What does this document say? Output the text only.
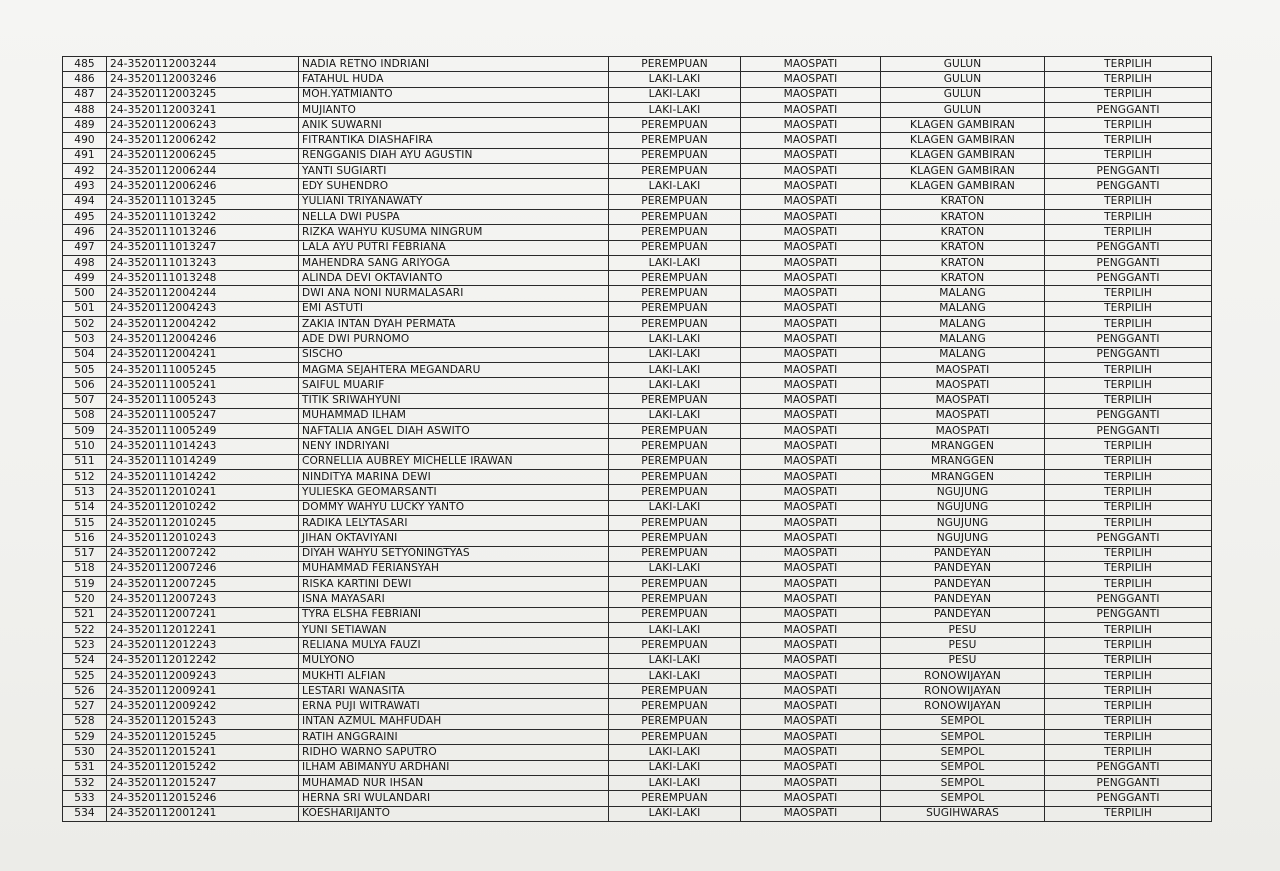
485	24-3520112003244	NADIA RETNO INDRIANI	PEREMPUAN	MAOSPATI	GULUN	TERPILIH
486	24-3520112003246	FATAHUL HUDA	LAKI-LAKI	MAOSPATI	GULUN	TERPILIH
487	24-3520112003245	MOH.YATMIANTO	LAKI-LAKI	MAOSPATI	GULUN	TERPILIH
488	24-3520112003241	MUJIANTO	LAKI-LAKI	MAOSPATI	GULUN	PENGGANTI
489	24-3520112006243	ANIK SUWARNI	PEREMPUAN	MAOSPATI	KLAGEN GAMBIRAN	TERPILIH
490	24-3520112006242	FITRANTIKA DIASHAFIRA	PEREMPUAN	MAOSPATI	KLAGEN GAMBIRAN	TERPILIH
491	24-3520112006245	RENGGANIS DIAH AYU AGUSTIN	PEREMPUAN	MAOSPATI	KLAGEN GAMBIRAN	TERPILIH
492	24-3520112006244	YANTI SUGIARTI	PEREMPUAN	MAOSPATI	KLAGEN GAMBIRAN	PENGGANTI
493	24-3520112006246	EDY SUHENDRO	LAKI-LAKI	MAOSPATI	KLAGEN GAMBIRAN	PENGGANTI
494	24-3520111013245	YULIANI TRIYANAWATY	PEREMPUAN	MAOSPATI	KRATON	TERPILIH
495	24-3520111013242	NELLA DWI PUSPA	PEREMPUAN	MAOSPATI	KRATON	TERPILIH
496	24-3520111013246	RIZKA WAHYU KUSUMA NINGRUM	PEREMPUAN	MAOSPATI	KRATON	TERPILIH
497	24-3520111013247	LALA AYU PUTRI FEBRIANA	PEREMPUAN	MAOSPATI	KRATON	PENGGANTI
498	24-3520111013243	MAHENDRA SANG ARIYOGA	LAKI-LAKI	MAOSPATI	KRATON	PENGGANTI
499	24-3520111013248	ALINDA DEVI OKTAVIANTO	PEREMPUAN	MAOSPATI	KRATON	PENGGANTI
500	24-3520112004244	DWI ANA NONI NURMALASARI	PEREMPUAN	MAOSPATI	MALANG	TERPILIH
501	24-3520112004243	EMI ASTUTI	PEREMPUAN	MAOSPATI	MALANG	TERPILIH
502	24-3520112004242	ZAKIA INTAN DYAH PERMATA	PEREMPUAN	MAOSPATI	MALANG	TERPILIH
503	24-3520112004246	ADE DWI PURNOMO	LAKI-LAKI	MAOSPATI	MALANG	PENGGANTI
504	24-3520112004241	SISCHO	LAKI-LAKI	MAOSPATI	MALANG	PENGGANTI
505	24-3520111005245	MAGMA SEJAHTERA MEGANDARU	LAKI-LAKI	MAOSPATI	MAOSPATI	TERPILIH
506	24-3520111005241	SAIFUL MUARIF	LAKI-LAKI	MAOSPATI	MAOSPATI	TERPILIH
507	24-3520111005243	TITIK SRIWAHYUNI	PEREMPUAN	MAOSPATI	MAOSPATI	TERPILIH
508	24-3520111005247	MUHAMMAD ILHAM	LAKI-LAKI	MAOSPATI	MAOSPATI	PENGGANTI
509	24-3520111005249	NAFTALIA ANGEL DIAH ASWITO	PEREMPUAN	MAOSPATI	MAOSPATI	PENGGANTI
510	24-3520111014243	NENY INDRIYANI	PEREMPUAN	MAOSPATI	MRANGGEN	TERPILIH
511	24-3520111014249	CORNELLIA AUBREY MICHELLE IRAWAN	PEREMPUAN	MAOSPATI	MRANGGEN	TERPILIH
512	24-3520111014242	NINDITYA MARINA DEWI	PEREMPUAN	MAOSPATI	MRANGGEN	TERPILIH
513	24-3520112010241	YULIESKA GEOMARSANTI	PEREMPUAN	MAOSPATI	NGUJUNG	TERPILIH
514	24-3520112010242	DOMMY WAHYU LUCKY YANTO	LAKI-LAKI	MAOSPATI	NGUJUNG	TERPILIH
515	24-3520112010245	RADIKA LELYTASARI	PEREMPUAN	MAOSPATI	NGUJUNG	TERPILIH
516	24-3520112010243	JIHAN OKTAVIYANI	PEREMPUAN	MAOSPATI	NGUJUNG	PENGGANTI
517	24-3520112007242	DIYAH WAHYU SETYONINGTYAS	PEREMPUAN	MAOSPATI	PANDEYAN	TERPILIH
518	24-3520112007246	MUHAMMAD FERIANSYAH	LAKI-LAKI	MAOSPATI	PANDEYAN	TERPILIH
519	24-3520112007245	RISKA KARTINI DEWI	PEREMPUAN	MAOSPATI	PANDEYAN	TERPILIH
520	24-3520112007243	ISNA MAYASARI	PEREMPUAN	MAOSPATI	PANDEYAN	PENGGANTI
521	24-3520112007241	TYRA ELSHA FEBRIANI	PEREMPUAN	MAOSPATI	PANDEYAN	PENGGANTI
522	24-3520112012241	YUNI SETIAWAN	LAKI-LAKI	MAOSPATI	PESU	TERPILIH
523	24-3520112012243	RELIANA MULYA FAUZI	PEREMPUAN	MAOSPATI	PESU	TERPILIH
524	24-3520112012242	MULYONO	LAKI-LAKI	MAOSPATI	PESU	TERPILIH
525	24-3520112009243	MUKHTI ALFIAN	LAKI-LAKI	MAOSPATI	RONOWIJAYAN	TERPILIH
526	24-3520112009241	LESTARI WANASITA	PEREMPUAN	MAOSPATI	RONOWIJAYAN	TERPILIH
527	24-3520112009242	ERNA PUJI WITRAWATI	PEREMPUAN	MAOSPATI	RONOWIJAYAN	TERPILIH
528	24-3520112015243	INTAN AZMUL MAHFUDAH	PEREMPUAN	MAOSPATI	SEMPOL	TERPILIH
529	24-3520112015245	RATIH ANGGRAINI	PEREMPUAN	MAOSPATI	SEMPOL	TERPILIH
530	24-3520112015241	RIDHO WARNO SAPUTRO	LAKI-LAKI	MAOSPATI	SEMPOL	TERPILIH
531	24-3520112015242	ILHAM ABIMANYU ARDHANI	LAKI-LAKI	MAOSPATI	SEMPOL	PENGGANTI
532	24-3520112015247	MUHAMAD NUR IHSAN	LAKI-LAKI	MAOSPATI	SEMPOL	PENGGANTI
533	24-3520112015246	HERNA SRI WULANDARI	PEREMPUAN	MAOSPATI	SEMPOL	PENGGANTI
534	24-3520112001241	KOESHARIJANTO	LAKI-LAKI	MAOSPATI	SUGIHWARAS	TERPILIH
